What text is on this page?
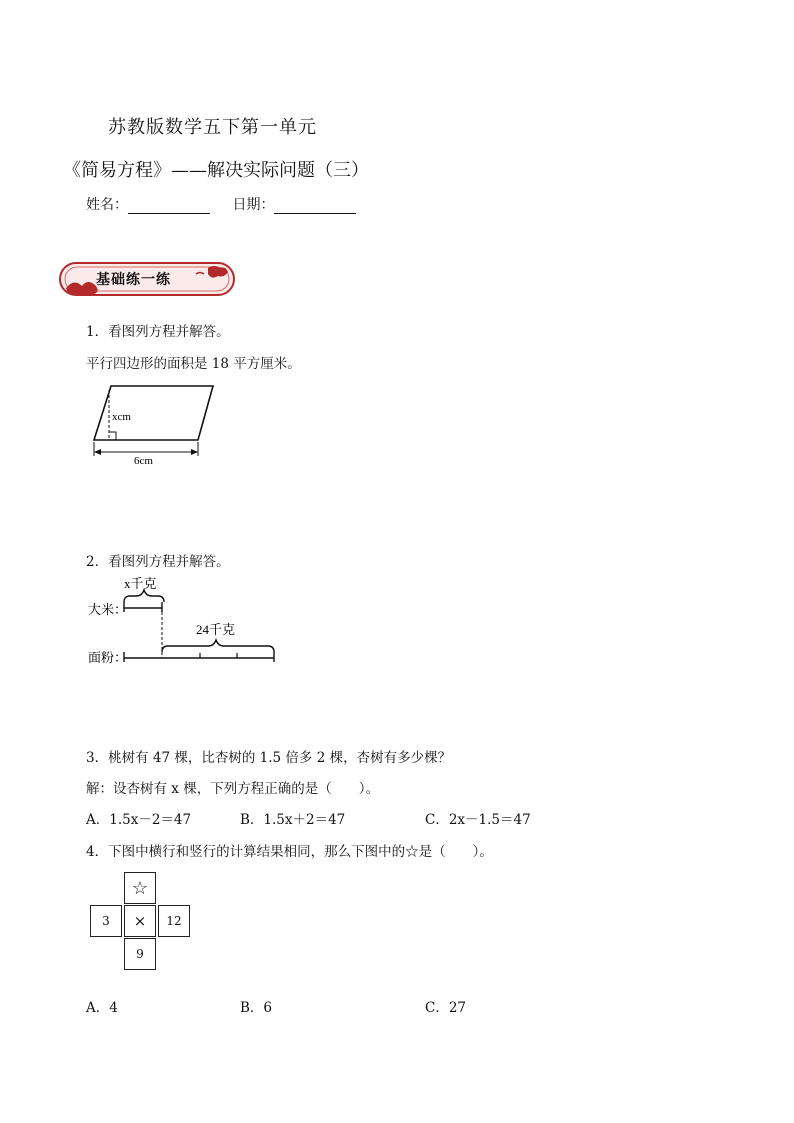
苏教版数学五下第一单元
《简易方程》——解决实际问题（三）
姓名：	日期：
基础练一练
1．看图列方程并解答。
平行四边形的面积是 18 平方厘米。
xcm
6cm
2．看图列方程并解答。
x千克
大米：
24千克
面粉：
3．桃树有 47 棵，比杏树的 1.5 倍多 2 棵，杏树有多少棵？
解：设杏树有 x 棵，下列方程正确的是（　　）。
A．1.5x－2＝47	B．1.5x＋2＝47	C．2x－1.5＝47
4．下图中横行和竖行的计算结果相同，那么下图中的☆是（　　）。
☆
3	×	12
9
A．4	B．6	C．27
